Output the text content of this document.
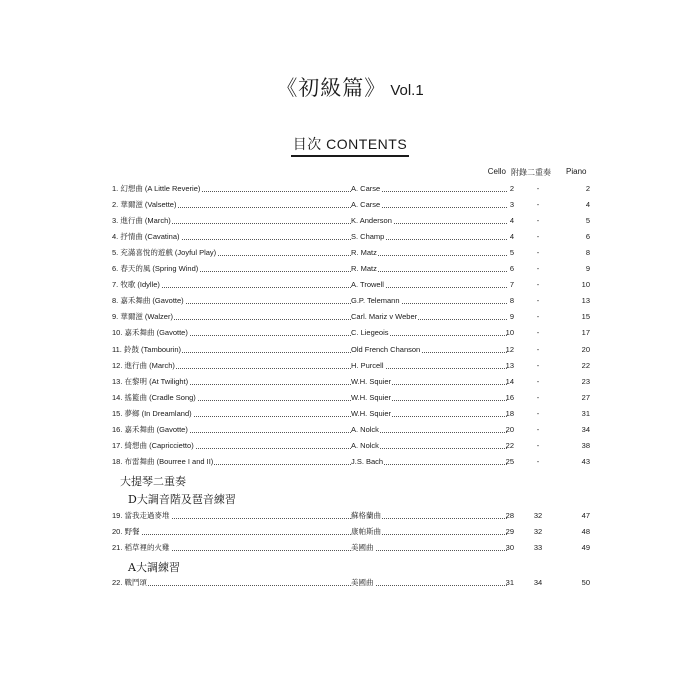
《初級篇》 Vol.1
目次 CONTENTS
Cello 附錄二重奏	Piano
1. 幻想曲 (A Little Reverie)	A. Carse	2	-	2
2. 華爾滋 (Valsette)	A. Carse	3	-	4
3. 進行曲 (March)	K. Anderson	4	-	5
4. 抒情曲 (Cavatina)	S. Champ	4	-	6
5. 充滿喜悅的遊戲 (Joyful Play)	R. Matz	5	-	8
6. 春天的風 (Spring Wind)	R. Matz	6	-	9
7. 牧歌 (Idylle)	A. Trowell	7	-	10
8. 嘉禾舞曲 (Gavotte)	G.P. Telemann	8	-	13
9. 華爾滋 (Walzer)	Carl. Mariz v Weber	9	-	15
10. 嘉禾舞曲 (Gavotte)	C. Liegeois	10	-	17
11. 鈴鼓 (Tambourin)	Old French Chanson	12	-	20
12. 進行曲 (March)	H. Purcell	13	-	22
13. 在黎明 (At Twilight)	W.H. Squier	14	-	23
14. 搖籃曲 (Cradle Song)	W.H. Squier	16	-	27
15. 夢鄉 (In Dreamland)	W.H. Squier	18	-	31
16. 嘉禾舞曲 (Gavotte)	A. Nolck	20	-	34
17. 綺想曲 (Capriccietto)	A. Nolck	22	-	38
18. 布雷舞曲 (Bourree I and II)	J.S. Bach	25	-	43
大提琴二重奏
D大調音階及琶音練習
19. 當我走過麥堆	蘇格蘭曲	28	32	47
20. 野餐	康帕斯曲	29	32	48
21. 稻草裡的火雞	美國曲	30	33	49
A大調練習
22. 戰鬥頌	美國曲	31	34	50
